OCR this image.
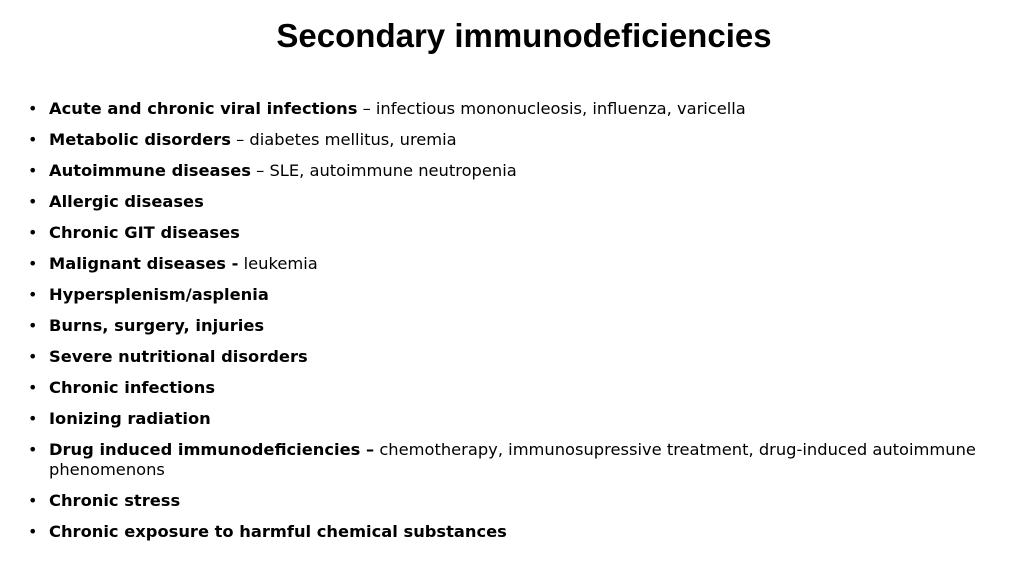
Secondary immunodeficiencies
• Acute and chronic viral infections – infectious mononucleosis, influenza, varicella
• Metabolic disorders – diabetes mellitus, uremia
• Autoimmune diseases – SLE, autoimmune neutropenia
• Allergic diseases
• Chronic GIT diseases
• Malignant diseases - leukemia
• Hypersplenism/asplenia
• Burns, surgery, injuries
• Severe nutritional disorders
• Chronic infections
• Ionizing radiation
• Drug induced immunodeficiencies – chemotherapy, immunosupressive treatment, drug-induced autoimmune phenomenons
• Chronic stress
• Chronic exposure to harmful chemical substances
